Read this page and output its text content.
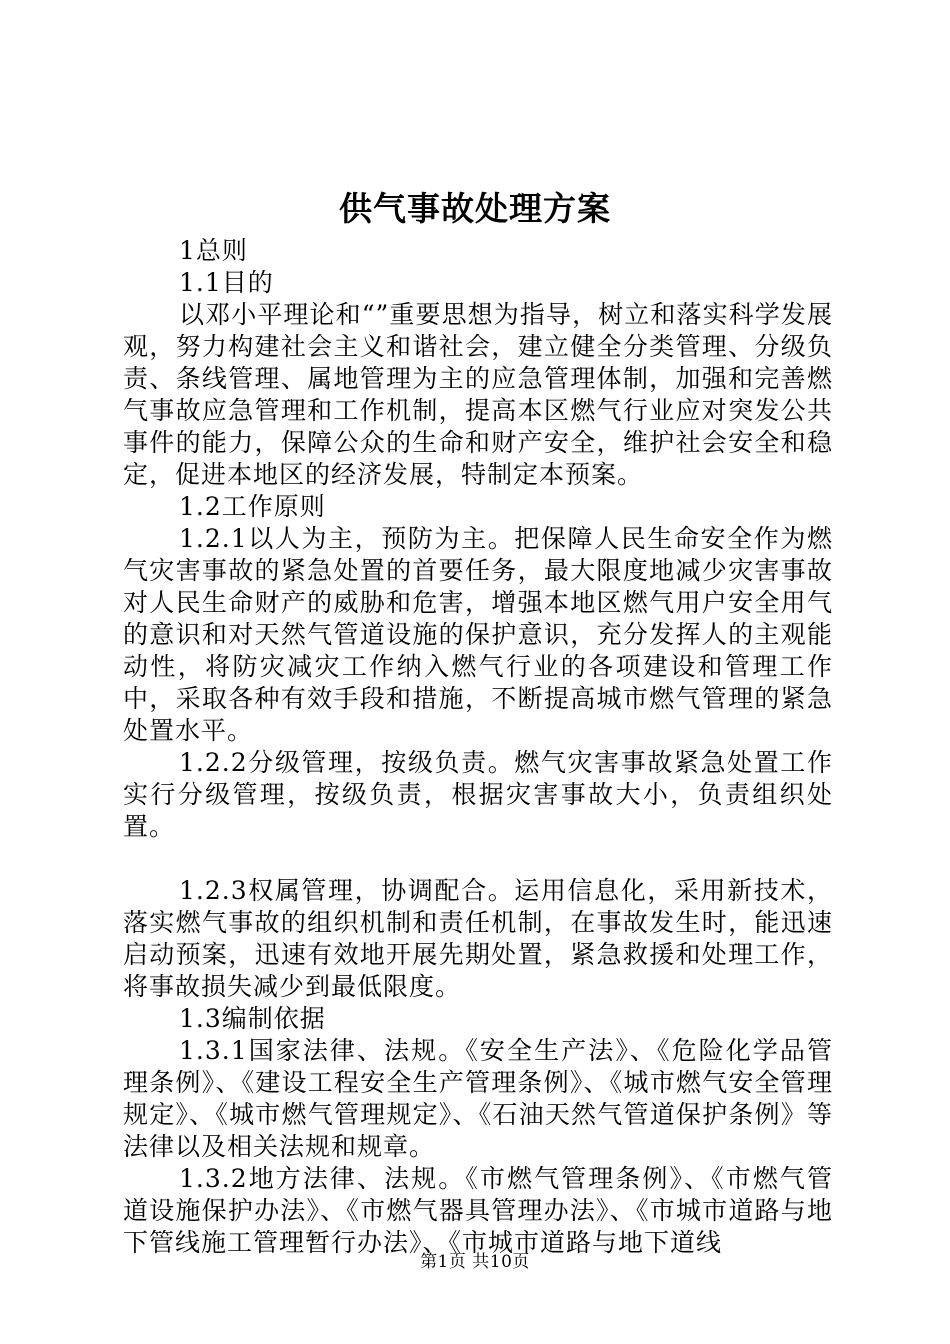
供气事故处理方案

1总则

1.1目的

以邓小平理论和“”重要思想为指导，树立和落实科学发展观，努力构建社会主义和谐社会，建立健全分类管理、分级负责、条线管理、属地管理为主的应急管理体制，加强和完善燃气事故应急管理和工作机制，提高本区燃气行业应对突发公共事件的能力，保障公众的生命和财产安全，维护社会安全和稳定，促进本地区的经济发展，特制定本预案。

1.2工作原则

1.2.1以人为主，预防为主。把保障人民生命安全作为燃气灾害事故的紧急处置的首要任务，最大限度地减少灾害事故对人民生命财产的威胁和危害，增强本地区燃气用户安全用气的意识和对天然气管道设施的保护意识，充分发挥人的主观能动性，将防灾减灾工作纳入燃气行业的各项建设和管理工作中，采取各种有效手段和措施，不断提高城市燃气管理的紧急处置水平。

1.2.2分级管理，按级负责。燃气灾害事故紧急处置工作实行分级管理，按级负责，根据灾害事故大小，负责组织处置。

1.2.3权属管理，协调配合。运用信息化，采用新技术，落实燃气事故的组织机制和责任机制，在事故发生时，能迅速启动预案，迅速有效地开展先期处置，紧急救援和处理工作，将事故损失减少到最低限度。

1.3编制依据

1.3.1国家法律、法规。《安全生产法》、《危险化学品管理条例》、《建设工程安全生产管理条例》、《城市燃气安全管理规定》、《城市燃气管理规定》、《石油天然气管道保护条例》等法律以及相关法规和规章。

1.3.2地方法律、法规。《市燃气管理条例》、《市燃气管道设施保护办法》、《市燃气器具管理办法》、《市城市道路与地下管线施工管理暂行办法》、《市城市道路与地下道线

第1页 共10页
